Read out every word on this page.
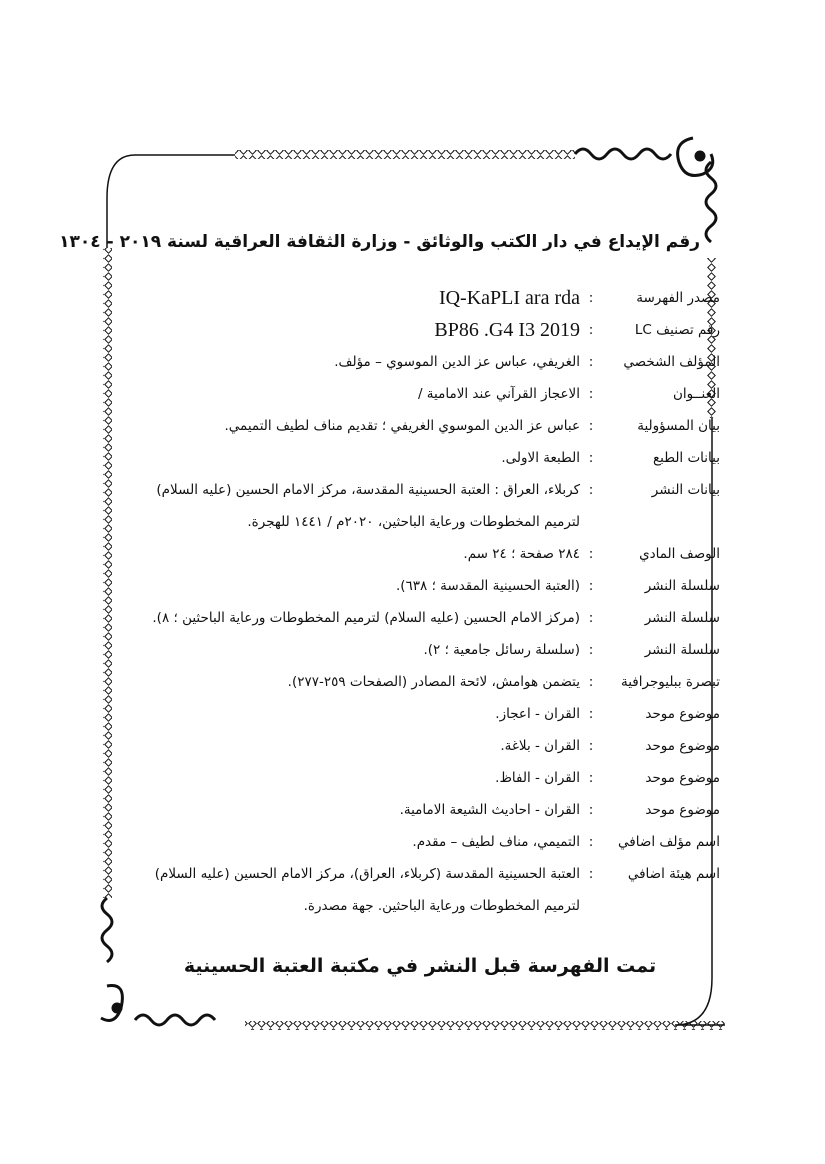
رقم الإيداع في دار الكتب والوثائق - وزارة الثقافة العراقية لسنة ٢٠١٩ - ١٣٠٤
مصدر الفهرسة
:
IQ-KaPLI ara rda
رقم تصنيف LC
:
BP86 .G4 I3 2019
المؤلف الشخصي
:
الغريفي، عباس عز الدين الموسوي – مؤلف.
العنــوان
:
الاعجاز القرآني عند الامامية /
بيان المسؤولية
:
عباس عز الدين الموسوي الغريفي ؛ تقديم مناف لطيف التميمي.
بيانات الطبع
:
الطبعة الاولى.
بيانات النشر
:
كربلاء، العراق : العتبة الحسينية المقدسة، مركز الامام الحسين (عليه السلام) لترميم المخطوطات ورعاية الباحثين، ٢٠٢٠م / ١٤٤١ للهجرة.
الوصف المادي
:
٢٨٤ صفحة ؛ ٢٤ سم.
سلسلة النشر
:
(العتبة الحسينية المقدسة ؛ ٦٣٨).
سلسلة النشر
:
(مركز الامام الحسين (عليه السلام) لترميم المخطوطات ورعاية الباحثين ؛ ٨).
سلسلة النشر
:
(سلسلة رسائل جامعية ؛ ٢).
تبصرة ببليوجرافية
:
يتضمن هوامش، لائحة المصادر (الصفحات ٢٥٩-٢٧٧).
موضوع موحد
:
القران - اعجاز.
موضوع موحد
:
القران - بلاغة.
موضوع موحد
:
القران - الفاظ.
موضوع موحد
:
القران - احاديث الشيعة الامامية.
اسم مؤلف اضافي
:
التميمي، مناف لطيف – مقدم.
اسم هيئة اضافي
:
العتبة الحسينية المقدسة (كربلاء، العراق)، مركز الامام الحسين (عليه السلام) لترميم المخطوطات ورعاية الباحثين. جهة مصدرة.
تمت الفهرسة قبل النشر في مكتبة العتبة الحسينية
